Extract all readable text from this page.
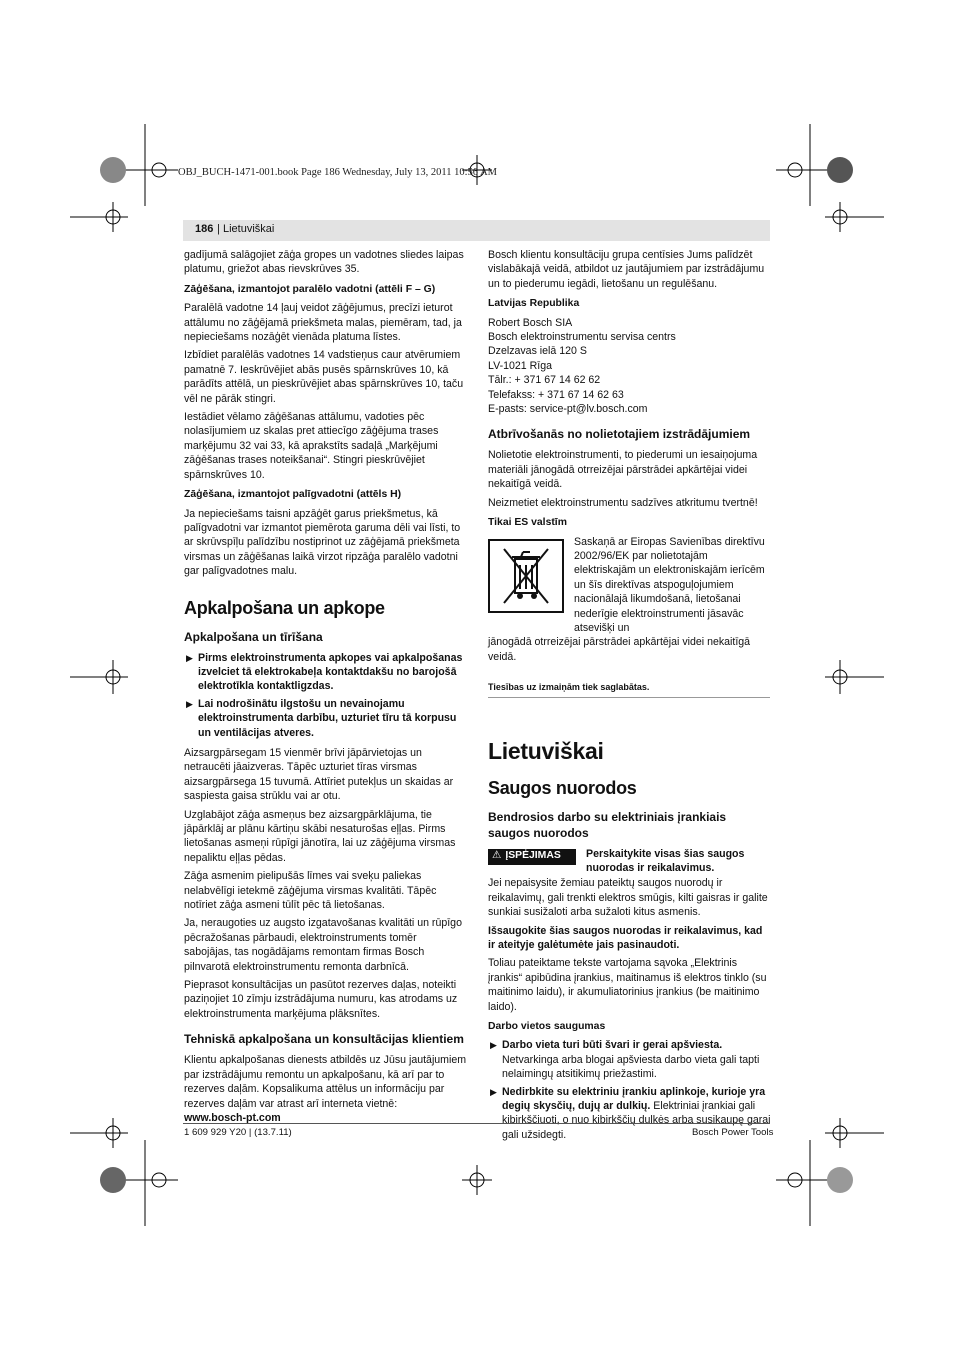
OBJ_BUCH-1471-001.book Page 186 Wednesday, July 13, 2011 10:56 AM
186 | Lietuviškai

gadījumā salāgojiet zāģa gropes un vadotnes sliedes laipas platumu, griežot abas rievskrūves 35.

Zāģēšana, izmantojot paralēlo vadotni (attēli F – G)

Paralēlā vadotne 14 ļauj veidot zāģējumus, precīzi ieturot attālumu no zāģējamā priekšmeta malas, piemēram, tad, ja nepieciešams nozāģēt vienāda platuma līstes.

Izbīdiet paralēlās vadotnes 14 vadstieņus caur atvērumiem pamatnē 7. Ieskrūvējiet abās pusēs spārnskrūves 10, kā parādīts attēlā, un pieskrūvējiet abas spārnskrūves 10, taču vēl ne pārāk stingri.

Iestādiet vēlamo zāģēšanas attālumu, vadoties pēc nolasījumiem uz skalas pret attiecīgo zāģējuma trases marķējumu 32 vai 33, kā aprakstīts sadaļā „Marķējumi zāģēšanas trases noteikšanai“. Stingri pieskrūvējiet spārnskrūves 10.

Zāģēšana, izmantojot palīgvadotni (attēls H)

Ja nepieciešams taisni apzāģēt garus priekšmetus, kā palīgvadotni var izmantot piemērota garuma dēli vai līsti, to ar skrūvspīļu palīdzību nostiprinot uz zāģējamā priekšmeta virsmas un zāģēšanas laikā virzot ripzāģa paralēlo vadotni gar palīgvadotnes malu.

Apkalpošana un apkope
Apkalpošana un tīrīšana
▶ Pirms elektroinstrumenta apkopes vai apkalpošanas izvelciet tā elektrokabeļa kontaktdakšu no barojošā elektrotīkla kontaktligzdas.
▶ Lai nodrošinātu ilgstošu un nevainojamu elektroinstrumenta darbību, uzturiet tīru tā korpusu un ventilācijas atveres.

Aizsargpārsegam 15 vienmēr brīvi jāpārvietojas un netraucēti jāaizveras. Tāpēc uzturiet tīras virsmas aizsargpārsega 15 tuvumā. Attīriet putekļus un skaidas ar saspiesta gaisa strūklu vai ar otu.

Uzglabājot zāģa asmeņus bez aizsargpārklājuma, tie jāpārklāj ar plānu kārtiņu skābi nesaturošas eļļas. Pirms lietošanas asmeņi rūpīgi jānotīra, lai uz zāģējuma virsmas nepaliktu eļļas pēdas.

Zāģa asmenim pielipušās līmes vai sveķu paliekas nelabvēlīgi ietekmē zāģējuma virsmas kvalitāti. Tāpēc notīriet zāģa asmeni tūlīt pēc tā lietošanas.

Ja, neraugoties uz augsto izgatavošanas kvalitāti un rūpīgo pēcražošanas pārbaudi, elektroinstruments tomēr sabojājas, tas nogādājams remontam firmas Bosch pilnvarotā elektroinstrumentu remonta darbnīcā.

Pieprasot konsultācijas un pasūtot rezerves daļas, noteikti paziņojiet 10 zīmju izstrādājuma numuru, kas atrodams uz elektroinstrumenta marķējuma plāksnītes.

Tehniskā apkalpošana un konsultācijas klientiem

Klientu apkalpošanas dienests atbildēs uz Jūsu jautājumiem par izstrādājumu remontu un apkalpošanu, kā arī par to rezerves daļām. Kopsalikuma attēlus un informāciju par rezerves daļām var atrast arī interneta vietnē:

www.bosch-pt.com

Bosch klientu konsultāciju grupa centīsies Jums palīdzēt vislabākajā veidā, atbildot uz jautājumiem par izstrādājumu un to piederumu iegādi, lietošanu un regulēšanu.

Latvijas Republika
Robert Bosch SIA
Bosch elektroinstrumentu servisa centrs
Dzelzavas ielā 120 S
LV-1021 Rīga
Tālr.: + 371 67 14 62 62
Telefakss: + 371 67 14 62 63
E-pasts: service-pt@lv.bosch.com
Atbrīvošanās no nolietotajiem izstrādājumiem

Nolietotie elektroinstrumenti, to piederumi un iesaiņojuma materiāli jānogādā otrreizējai pārstrādei apkārtējai videi nekaitīgā veidā.

Neizmetiet elektroinstrumentu sadzīves atkritumu tvertnē!

Tikai ES valstīm
Saskaņā ar Eiropas Savienības direktīvu 2002/96/EK par nolietotajām elektriskajām un elektroniskajām ierīcēm un šīs direktīvas atspoguļojumiem nacionālajā likumdošanā, lietošanai nederīgie elektroinstrumenti jāsavāc atsevišķi un

jānogādā otrreizējai pārstrādei apkārtējai videi nekaitīgā veidā.

Tiesības uz izmaiņām tiek saglabātas.
Lietuviškai
Saugos nuorodos
Bendrosios darbo su elektriniais įrankiais saugos nuorodos
⚠ ĮSPĖJIMAS Perskaitykite visas šias saugos nuorodas ir reikalavimus.

Jei nepaisysite žemiau pateiktų saugos nuorodų ir reikalavimų, gali trenkti elektros smūgis, kilti gaisras ir galite sunkiai susižaloti arba sužaloti kitus asmenis.

Išsaugokite šias saugos nuorodas ir reikalavimus, kad ir ateityje galėtumėte jais pasinaudoti.

Toliau pateiktame tekste vartojama sąvoka „Elektrinis įrankis“ apibūdina įrankius, maitinamus iš elektros tinklo (su maitinimo laidu), ir akumuliatorinius įrankius (be maitinimo laido).

Darbo vietos saugumas
▶ Darbo vieta turi būti švari ir gerai apšviesta. Netvarkinga arba blogai apšviesta darbo vieta gali tapti nelaimingų atsitikimų priežastimi.
▶ Nedirbkite su elektriniu įrankiu aplinkoje, kurioje yra degių skysčių, dujų ar dulkių. Elektriniai įrankiai gali kibirkščiuoti, o nuo kibirkščių dulkės arba susikaupę garai gali užsidegti.
1 609 929 Y20 | (13.7.11)	Bosch Power Tools
